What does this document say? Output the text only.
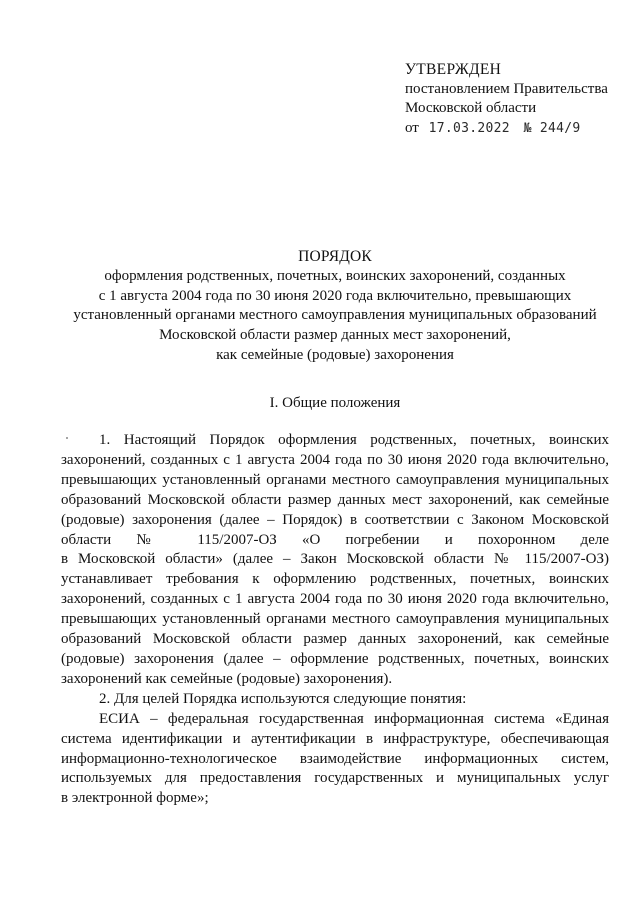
УТВЕРЖДЕН
постановлением Правительства
Московской области
от 17.03.2022 № 244/9
ПОРЯДОК
оформления родственных, почетных, воинских захоронений, созданных
с 1 августа 2004 года по 30 июня 2020 года включительно, превышающих
установленный органами местного самоуправления муниципальных образований
Московской области размер данных мест захоронений,
как семейные (родовые) захоронения
I. Общие положения
1. Настоящий Порядок оформления родственных, почетных, воинских
захоронений, созданных с 1 августа 2004 года по 30 июня 2020 года включительно,
превышающих установленный органами местного самоуправления муниципальных
образований Московской области размер данных мест захоронений, как семейные
(родовые) захоронения (далее – Порядок) в соответствии с Законом Московской
области № 115/2007-ОЗ «О погребении и похоронном деле
в Московской области» (далее – Закон Московской области № 115/2007-ОЗ)
устанавливает требования к оформлению родственных, почетных, воинских
захоронений, созданных с 1 августа 2004 года по 30 июня 2020 года включительно,
превышающих установленный органами местного самоуправления муниципальных
образований Московской области размер данных захоронений, как семейные
(родовые) захоронения (далее – оформление родственных, почетных, воинских
захоронений как семейные (родовые) захоронения).
2. Для целей Порядка используются следующие понятия:
ЕСИА – федеральная государственная информационная система «Единая
система идентификации и аутентификации в инфраструктуре, обеспечивающая
информационно-технологическое взаимодействие информационных систем,
используемых для предоставления государственных и муниципальных услуг
в электронной форме»;
